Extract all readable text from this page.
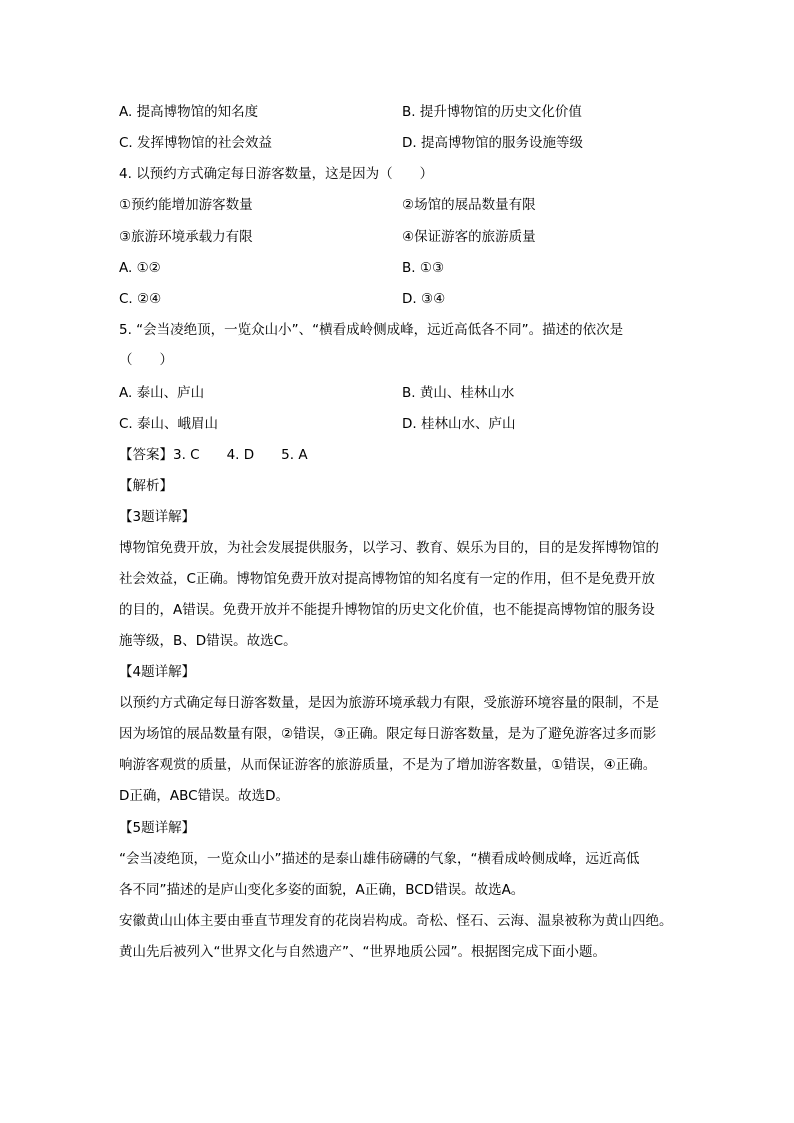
A. 提高博物馆的知名度	B. 提升博物馆的历史文化价值
C. 发挥博物馆的社会效益	D. 提高博物馆的服务设施等级
4. 以预约方式确定每日游客数量，这是因为（　　）
①预约能增加游客数量	②场馆的展品数量有限
③旅游环境承载力有限	④保证游客的旅游质量
A. ①②	B. ①③
C. ②④	D. ③④
5. “会当凌绝顶，一览众山小”、“横看成岭侧成峰，远近高低各不同”。描述的依次是
（　　）
A. 泰山、庐山	B. 黄山、桂林山水
C. 泰山、峨眉山	D. 桂林山水、庐山
【答案】3. C　　4. D　　5. A
【解析】
【3题详解】
博物馆免费开放，为社会发展提供服务，以学习、教育、娱乐为目的，目的是发挥博物馆的
社会效益，C正确。博物馆免费开放对提高博物馆的知名度有一定的作用，但不是免费开放
的目的，A错误。免费开放并不能提升博物馆的历史文化价值，也不能提高博物馆的服务设
施等级，B、D错误。故选C。
【4题详解】
以预约方式确定每日游客数量，是因为旅游环境承载力有限，受旅游环境容量的限制，不是
因为场馆的展品数量有限，②错误，③正确。限定每日游客数量，是为了避免游客过多而影
响游客观赏的质量，从而保证游客的旅游质量，不是为了增加游客数量，①错误，④正确。
D正确，ABC错误。故选D。
【5题详解】
“会当凌绝顶，一览众山小”描述的是泰山雄伟磅礴的气象，“横看成岭侧成峰，远近高低
各不同”描述的是庐山变化多姿的面貌，A正确，BCD错误。故选A。
安徽黄山山体主要由垂直节理发育的花岗岩构成。奇松、怪石、云海、温泉被称为黄山四绝。
黄山先后被列入“世界文化与自然遗产”、“世界地质公园”。根据图完成下面小题。
